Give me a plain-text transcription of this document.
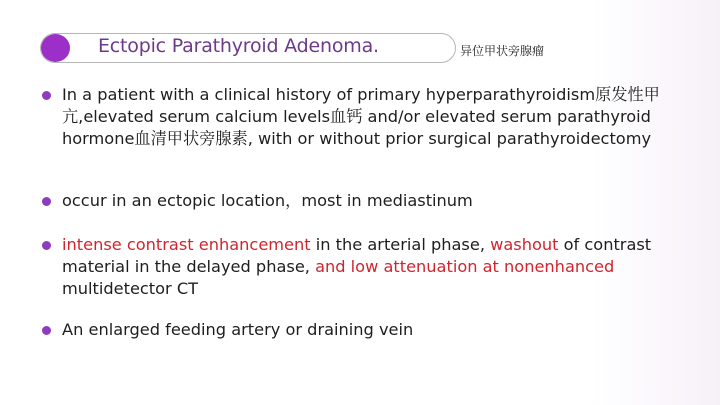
Ectopic Parathyroid Adenoma.	异位甲状旁腺瘤
In a patient with a clinical history of primary hyperparathyroidism原发性甲亢,elevated serum calcium levels血钙 and/or elevated serum parathyroid hormone血清甲状旁腺素, with or without prior surgical parathyroidectomy
occur in an ectopic location，most in mediastinum
intense contrast enhancement in the arterial phase, washout of contrast material in the delayed phase, and low attenuation at nonenhanced multidetector CT
An enlarged feeding artery or draining vein
